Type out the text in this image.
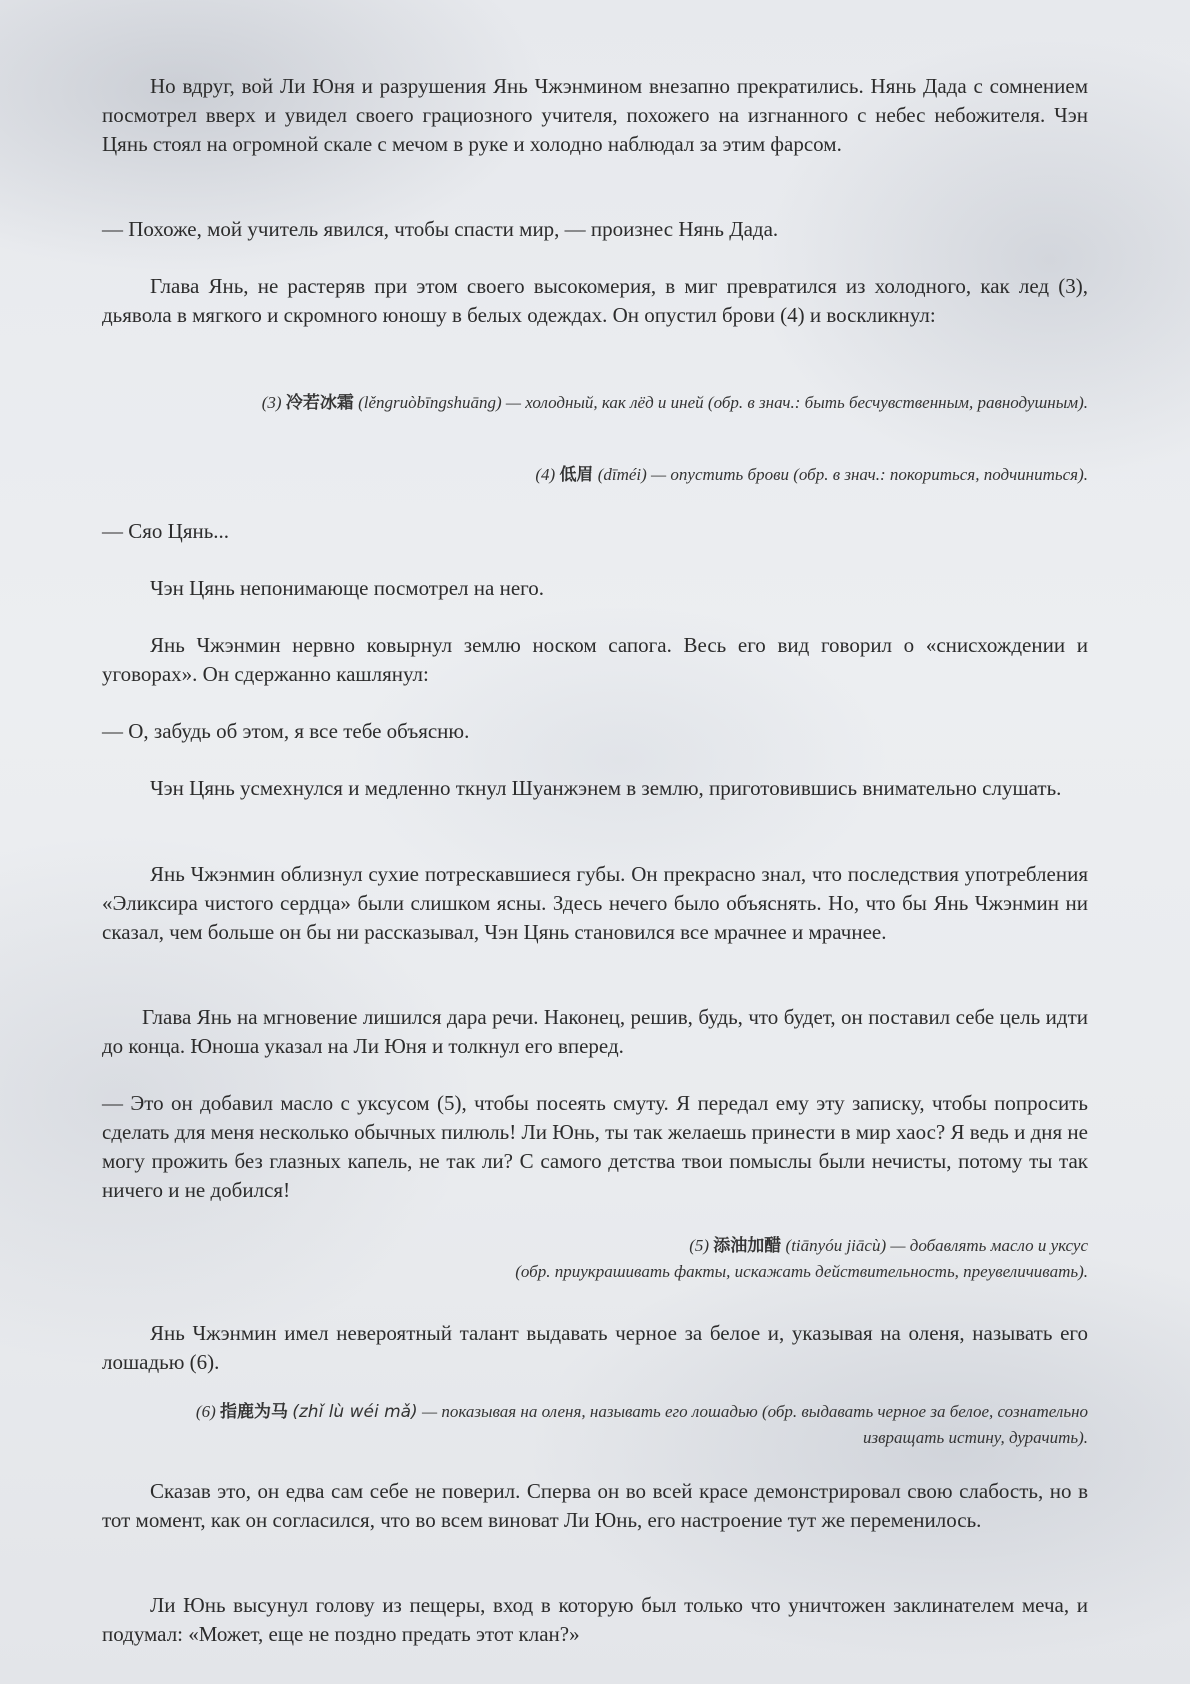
Но вдруг, вой Ли Юня и разрушения Янь Чжэнмином внезапно прекратились. Нянь Дада с сомнением посмотрел вверх и увидел своего грациозного учителя, похожего на изгнанного с небес небожителя. Чэн Цянь стоял на огромной скале с мечом в руке и холодно наблюдал за этим фарсом.

— Похоже, мой учитель явился, чтобы спасти мир, — произнес Нянь Дада.

Глава Янь, не растеряв при этом своего высокомерия, в миг превратился из холодного, как лед (3), дьявола в мягкого и скромного юношу в белых одеждах. Он опустил брови (4) и воскликнул:

(3) 冷若冰霜 (lěngruòbīngshuāng) — холодный, как лёд и иней (обр. в знач.: быть бесчувственным, равнодушным).
(4) 低眉 (dīméi) — опустить брови (обр. в знач.: покориться, подчиниться).

— Сяо Цянь...

Чэн Цянь непонимающе посмотрел на него.

Янь Чжэнмин нервно ковырнул землю носком сапога. Весь его вид говорил о «снисхождении и уговорах». Он сдержанно кашлянул:

— О, забудь об этом, я все тебе объясню.

Чэн Цянь усмехнулся и медленно ткнул Шуанжэнем в землю, приготовившись внимательно слушать.

Янь Чжэнмин облизнул сухие потрескавшиеся губы. Он прекрасно знал, что последствия употребления «Эликсира чистого сердца» были слишком ясны. Здесь нечего было объяснять. Но, что бы Янь Чжэнмин ни сказал, чем больше он бы ни рассказывал, Чэн Цянь становился все мрачнее и мрачнее.

Глава Янь на мгновение лишился дара речи. Наконец, решив, будь, что будет, он поставил себе цель идти до конца. Юноша указал на Ли Юня и толкнул его вперед.

— Это он добавил масло с уксусом (5), чтобы посеять смуту. Я передал ему эту записку, чтобы попросить сделать для меня несколько обычных пилюль! Ли Юнь, ты так желаешь принести в мир хаос? Я ведь и дня не могу прожить без глазных капель, не так ли? С самого детства твои помыслы были нечисты, потому ты так ничего и не добился!

(5) 添油加醋 (tiānyóu jiācù) — добавлять масло и уксус
(обр. приукрашивать факты, искажать действительность, преувеличивать).

Янь Чжэнмин имел невероятный талант выдавать черное за белое и, указывая на оленя, называть его лошадью (6).

(6) 指鹿为马 (zhǐ lù wéi mǎ) — показывая на оленя, называть его лошадью (обр. выдавать черное за белое, сознательно извращать истину, дурачить).

Сказав это, он едва сам себе не поверил. Сперва он во всей красе демонстрировал свою слабость, но в тот момент, как он согласился, что во всем виноват Ли Юнь, его настроение тут же переменилось.

Ли Юнь высунул голову из пещеры, вход в которую был только что уничтожен заклинателем меча, и подумал: «Может, еще не поздно предать этот клан?»
